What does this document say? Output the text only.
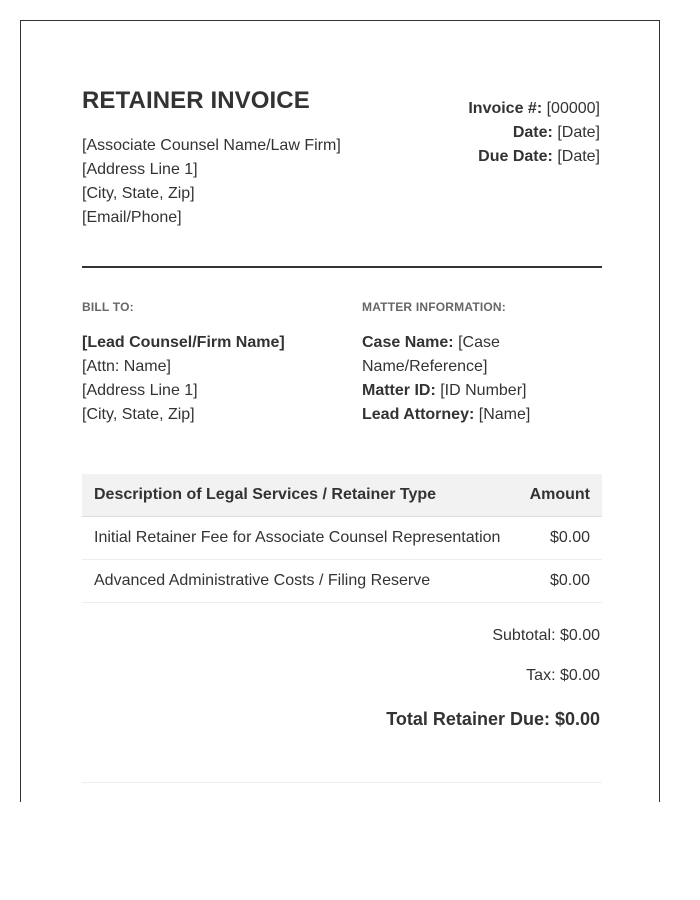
RETAINER INVOICE
[Associate Counsel Name/Law Firm]
[Address Line 1]
[City, State, Zip]
[Email/Phone]
Invoice #: [00000]
Date: [Date]
Due Date: [Date]
BILL TO:	MATTER INFORMATION:
[Lead Counsel/Firm Name]
[Attn: Name]
[Address Line 1]
[City, State, Zip]
Case Name: [Case Name/Reference]
Matter ID: [ID Number]
Lead Attorney: [Name]
Description of Legal Services / Retainer Type	Amount
Initial Retainer Fee for Associate Counsel Representation	$0.00
Advanced Administrative Costs / Filing Reserve	$0.00
Subtotal: $0.00
Tax: $0.00
Total Retainer Due: $0.00
